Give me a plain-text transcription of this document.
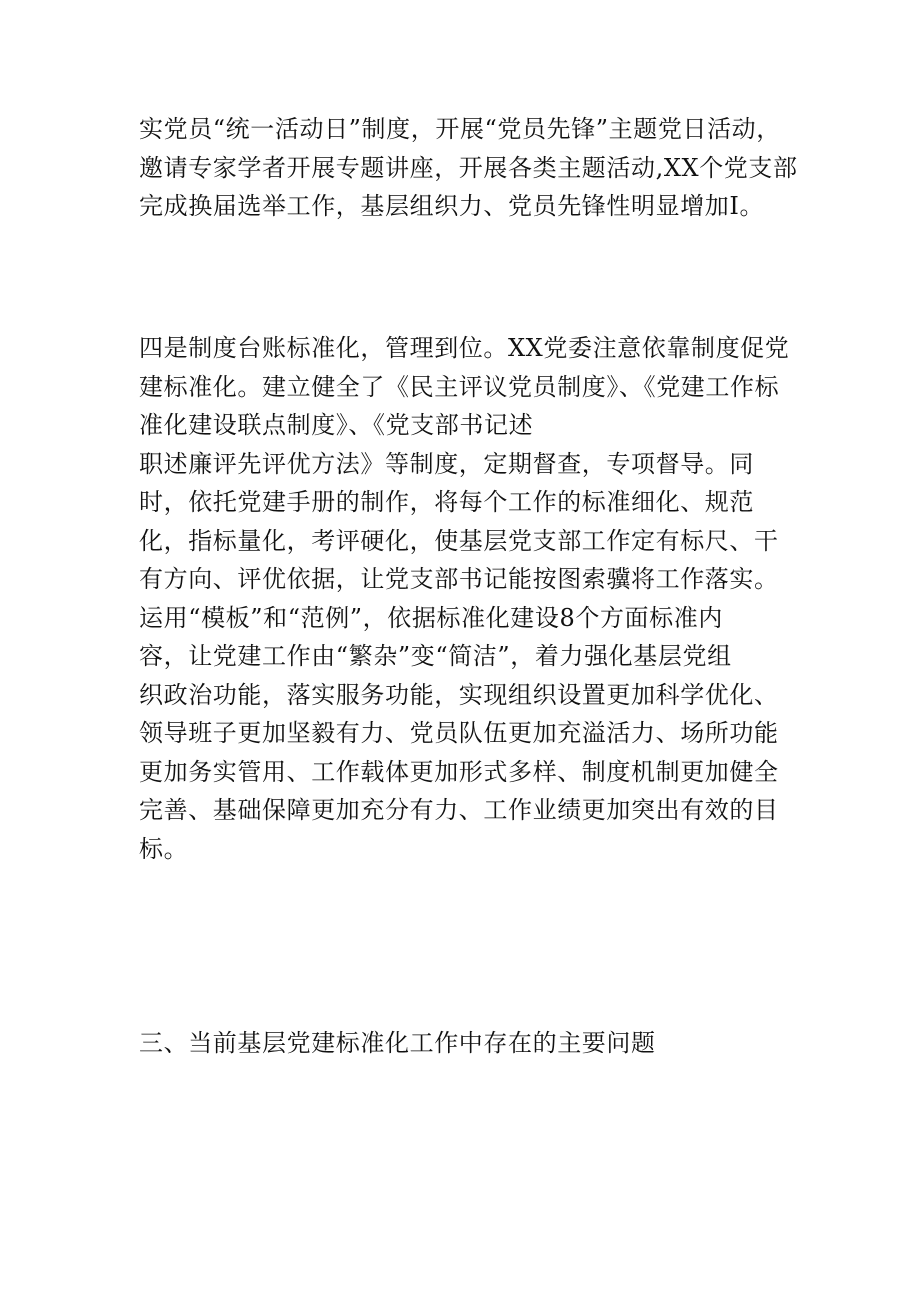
实党员“统一活动日”制度，开展“党员先锋”主题党日活动，
邀请专家学者开展专题讲座，开展各类主题活动,XX个党支部
完成换届选举工作，基层组织力、党员先锋性明显增加I。
四是制度台账标准化，管理到位。XX党委注意依靠制度促党
建标准化。建立健全了《民主评议党员制度》、《党建工作标
准化建设联点制度》、《党支部书记述
职述廉评先评优方法》等制度，定期督查，专项督导。同
时，依托党建手册的制作，将每个工作的标准细化、规范
化，指标量化，考评硬化，使基层党支部工作定有标尺、干
有方向、评优依据，让党支部书记能按图索骥将工作落实。
运用“模板”和“范例”，依据标准化建设8个方面标准内
容，让党建工作由“繁杂”变“简洁”，着力强化基层党组
织政治功能，落实服务功能，实现组织设置更加科学优化、
领导班子更加坚毅有力、党员队伍更加充溢活力、场所功能
更加务实管用、工作载体更加形式多样、制度机制更加健全
完善、基础保障更加充分有力、工作业绩更加突出有效的目
标。
三、当前基层党建标准化工作中存在的主要问题
